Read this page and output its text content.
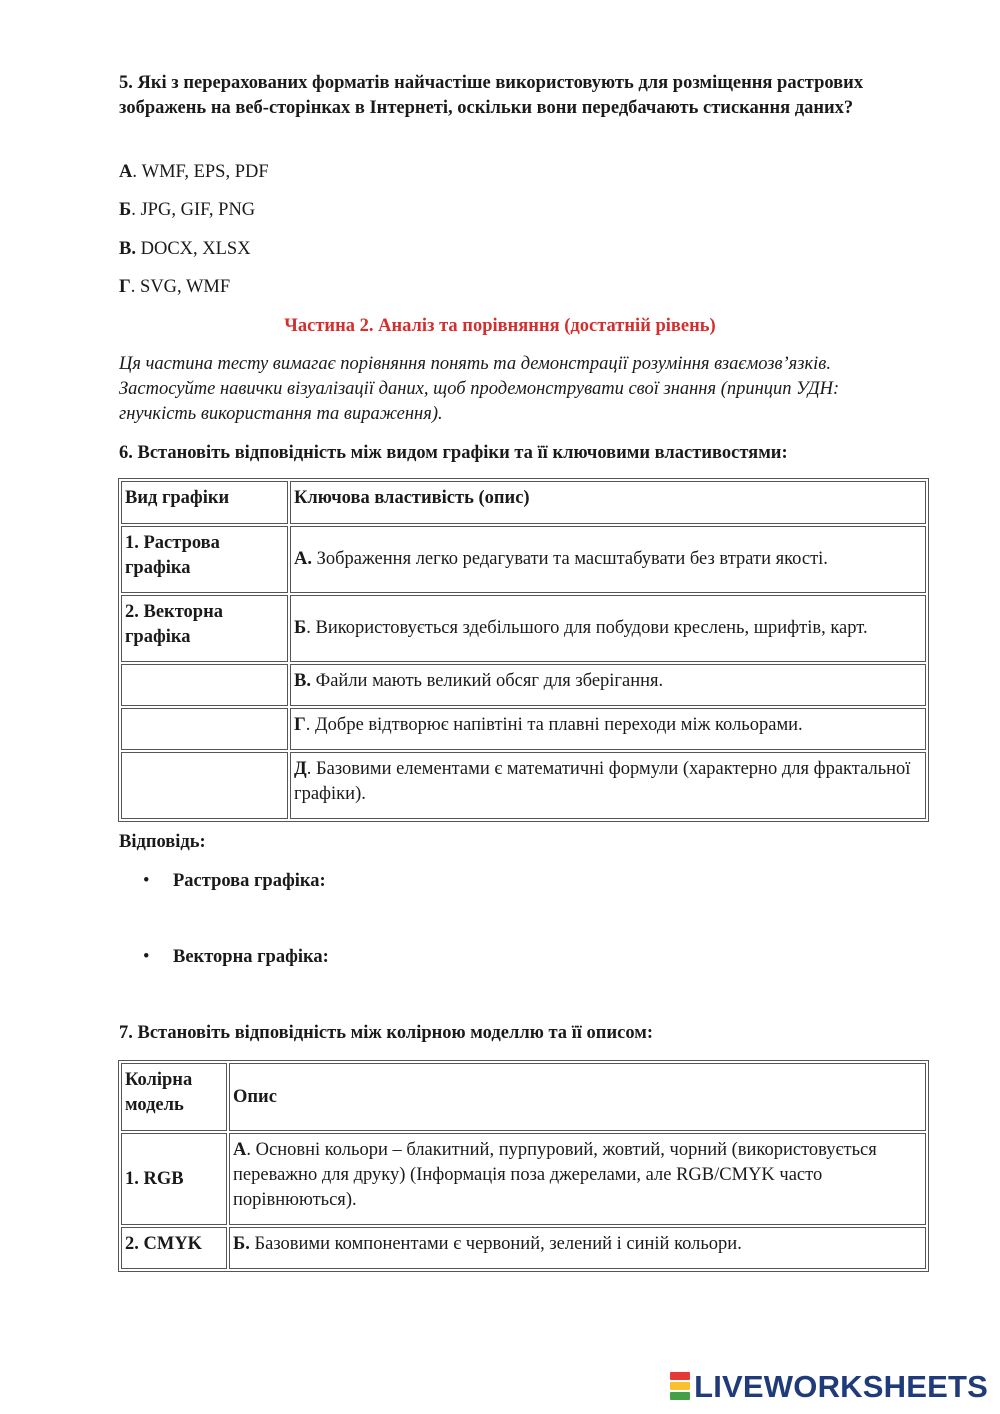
5. Які з перерахованих форматів найчастіше використовують для розміщення растрових зображень на веб-сторінках в Інтернеті, оскільки вони передбачають стискання даних?
А. WMF, EPS, PDF
Б. JPG, GIF, PNG
В. DOCX, XLSX
Г. SVG, WMF
Частина 2. Аналіз та порівняння (достатній рівень)
Ця частина тесту вимагає порівняння понять та демонстрації розуміння взаємозв’язків. Застосуйте навички візуалізації даних, щоб продемонструвати свої знання (принцип УДН: гнучкість використання та вираження).
6. Встановіть відповідність між видом графіки та її ключовими властивостями:
Вид графіки	Ключова властивість (опис)
1. Растрова графіка	А. Зображення легко редагувати та масштабувати без втрати якості.
2. Векторна графіка	Б. Використовується здебільшого для побудови креслень, шрифтів, карт.
	В. Файли мають великий обсяг для зберігання.
	Г. Добре відтворює напівтіні та плавні переходи між кольорами.
	Д. Базовими елементами є математичні формули (характерно для фрактальної графіки).
Відповідь:
• Растрова графіка:
• Векторна графіка:
7. Встановіть відповідність між колірною моделлю та її описом:
Колірна модель	Опис
1. RGB	А. Основні кольори – блакитний, пурпуровий, жовтий, чорний (використовується переважно для друку) (Інформація поза джерелами, але RGB/CMYK часто порівнюються).
2. CMYK	Б. Базовими компонентами є червоний, зелений і синій кольори.
LIVEWORKSHEETS
